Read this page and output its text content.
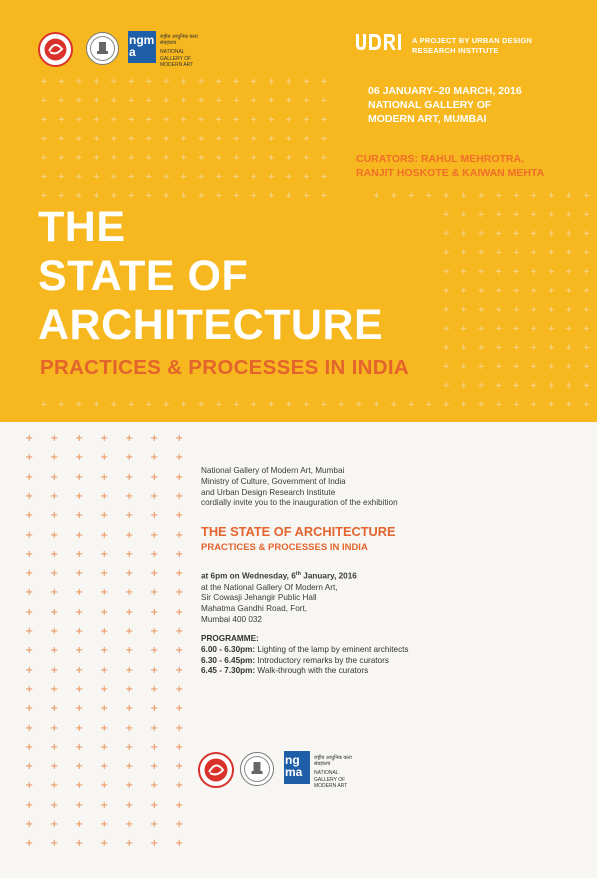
+ + + + + + + + + + + + + + + + +
+ + + + + + + + + + + + + + + + +
+ + + + + + + + + + + + + + + + +
+ + + + + + + + + + + + + + + + +
+ + + + + + + + + + + + + + + + +
+ + + + + + + + + + + + + + + + +
+ + + + + + + + + + + + + + + + +	+ + + + + + + + + + + + +
+ + + + + + + + +
+ + + + + + + + +
+ + + + + + + + +
+ + + + + + + + +
+ + + + + + + + +
+ + + + + + + + +
+ + + + + + + + +
+ + + + + + + + +
+ + + + + + + + +
+ + + + + + + + +
+ + + + + + + + + + + + + + + + + + + + + + + + + + + + + + + +
ngma
राष्ट्रीय आधुनिक कला संग्रहालय
NATIONAL GALLERY OF MODERN ART
A PROJECT BY URBAN DESIGN
RESEARCH INSTITUTE
06 JANUARY–20 MARCH, 2016
NATIONAL GALLERY OF
MODERN ART, MUMBAI
CURATORS: RAHUL MEHROTRA,
RANJIT HOSKOTE & KAIWAN MEHTA
THE
STATE OF
ARCHITECTURE
PRACTICES & PROCESSES IN INDIA
+ + + + + + +
+ + + + + + +
+ + + + + + +
+ + + + + + +
+ + + + + + +
+ + + + + + +
+ + + + + + +
+ + + + + + +
+ + + + + + +
+ + + + + + +
+ + + + + + +
+ + + + + + +
+ + + + + + +
+ + + + + + +
+ + + + + + +
+ + + + + + +
+ + + + + + +
+ + + + + + +
+ + + + + + +
+ + + + + + +
+ + + + + + +
+ + + + + + +
National Gallery of Modern Art, Mumbai
Ministry of Culture, Government of India
and Urban Design Research Institute
cordially invite you to the inauguration of the exhibition
THE STATE OF ARCHITECTURE
PRACTICES & PROCESSES IN INDIA
at 6pm on Wednesday, 6th January, 2016
at the National Gallery Of Modern Art,
Sir Cowasji Jehangir Public Hall
Mahatma Gandhi Road, Fort,
Mumbai 400 032
PROGRAMME:
6.00 - 6.30pm: Lighting of the lamp by eminent architects
6.30 - 6.45pm: Introductory remarks by the curators
6.45 - 7.30pm: Walk-through with the curators
ngma
राष्ट्रीय आधुनिक कला संग्रहालय
NATIONAL GALLERY OF MODERN ART
